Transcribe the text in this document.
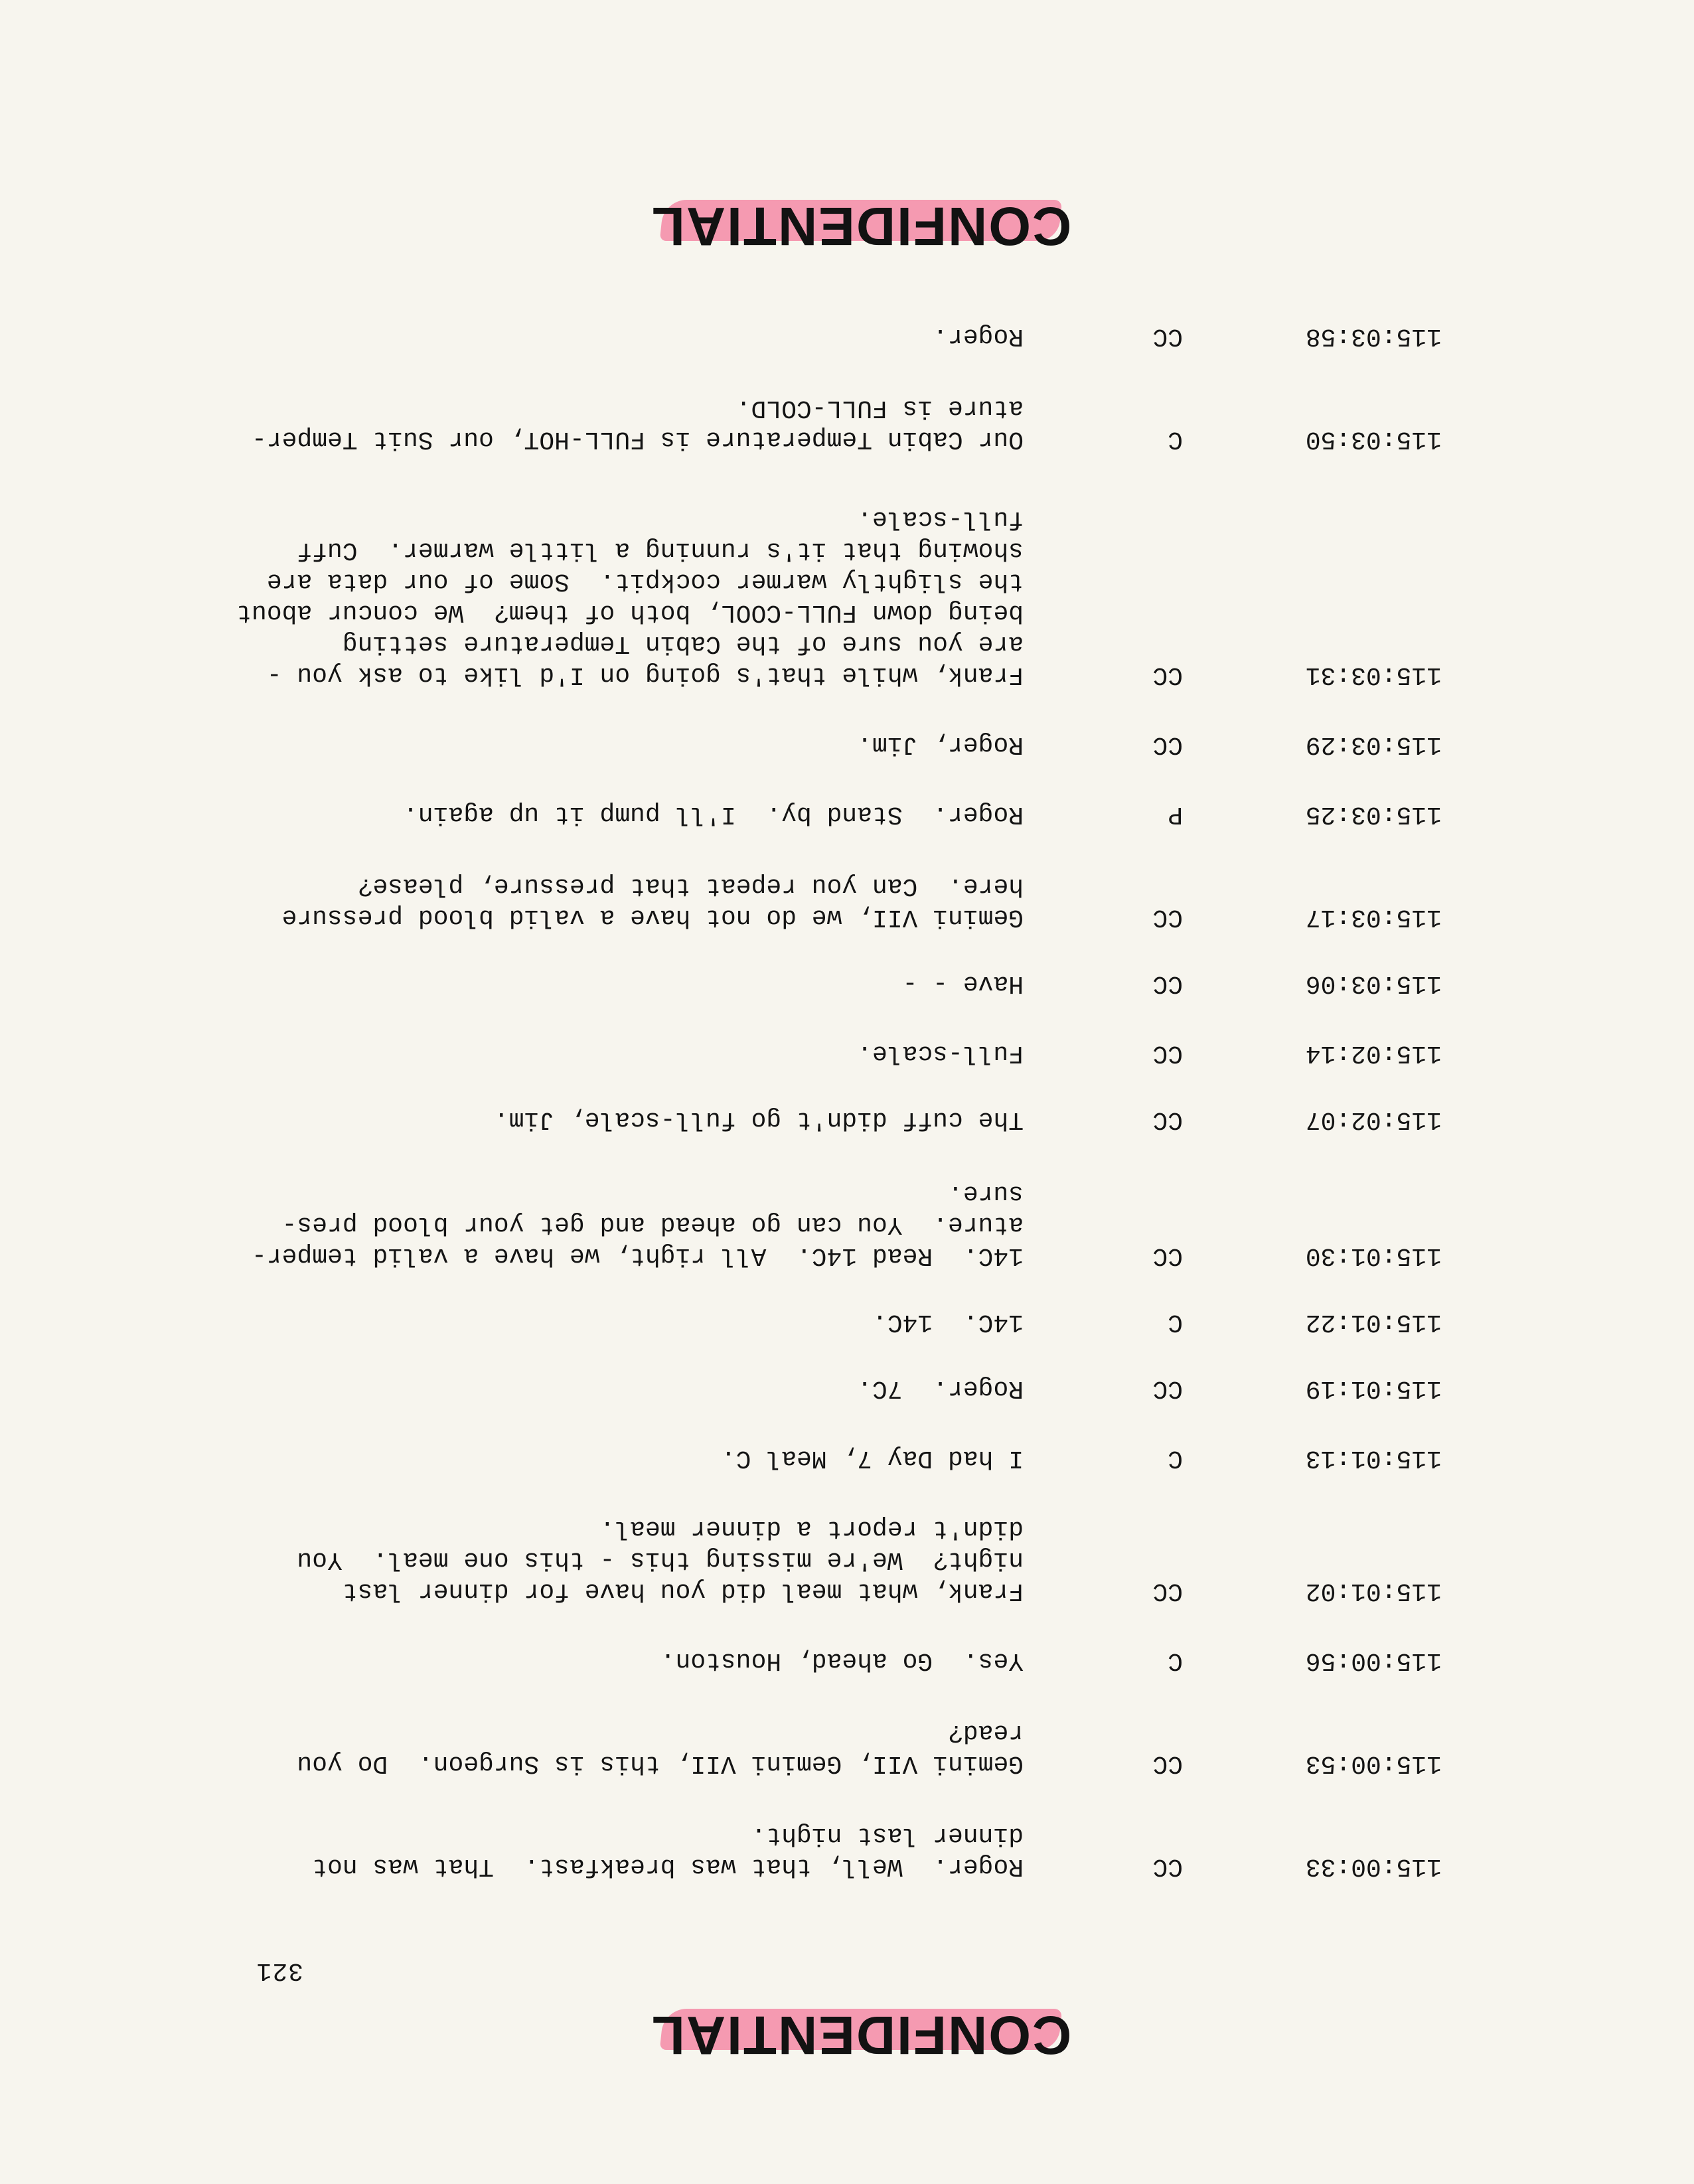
321
CONFIDENTIAL
115:00:33
CC
Roger.  Well, that was breakfast.  That was not
dinner last night.
115:00:53
CC
Gemini VII, Gemini VII, this is Surgeon.  Do you
read?
115:00:56
C
Yes.  Go ahead, Houston.
115:01:02
CC
Frank, what meal did you have for dinner last
night?  We're missing this - this one meal.  You
didn't report a dinner meal.
115:01:13
C
I had Day 7, Meal C.
115:01:19
CC
Roger.  7C.
115:01:22
C
14C.  14C.
115:01:30
CC
14C.  Read 14C.  All right, we have a valid temper-
ature.  You can go ahead and get your blood pres-
sure.
115:02:07
CC
The cuff didn't go full-scale, Jim.
115:02:14
CC
Full-scale.
115:03:06
CC
Have - -
115:03:17
CC
Gemini VII, we do not have a valid blood pressure
here.  Can you repeat that pressure, please?
115:03:25
P
Roger.  Stand by.  I'll pump it up again.
115:03:29
CC
Roger, Jim.
115:03:31
CC
Frank, while that's going on I'd like to ask you -
are you sure of the Cabin Temperature setting
being down FULL-COOL, both of them?  We concur about
the slightly warmer cockpit.  Some of our data are
showing that it's running a little warmer.  Cuff
full-scale.
115:03:50
C
Our Cabin Temperature is FULL-HOT, our Suit Temper-
ature is FULL-COLD.
115:03:58
CC
Roger.
CONFIDENTIAL
